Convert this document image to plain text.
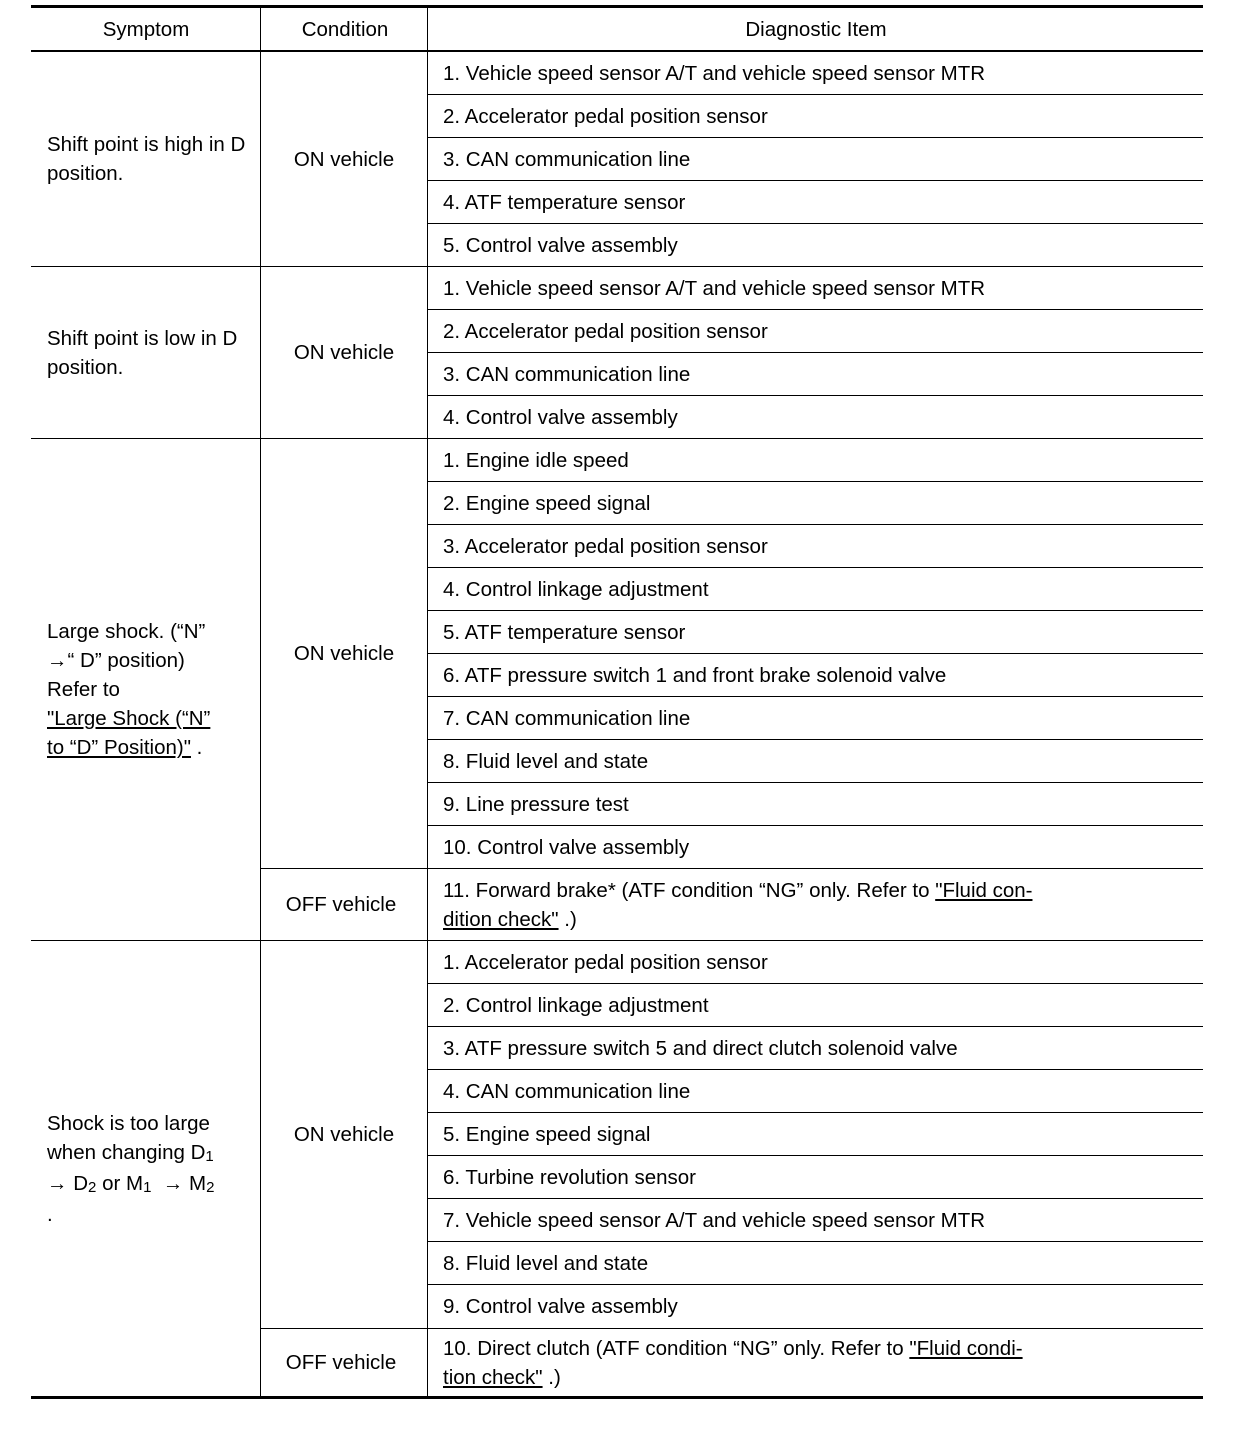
Symptom	Condition	Diagnostic Item
Shift point is high in D position.
ON vehicle
1. Vehicle speed sensor A/T and vehicle speed sensor MTR
2. Accelerator pedal position sensor
3. CAN communication line
4. ATF temperature sensor
5. Control valve assembly
Shift point is low in D position.
ON vehicle
1. Vehicle speed sensor A/T and vehicle speed sensor MTR
2. Accelerator pedal position sensor
3. CAN communication line
4. Control valve assembly
Large shock. (“N”
→“ D” position)
Refer to
"Large Shock (“N”
to “D” Position)" .
ON vehicle
1. Engine idle speed
2. Engine speed signal
3. Accelerator pedal position sensor
4. Control linkage adjustment
5. ATF temperature sensor
6. ATF pressure switch 1 and front brake solenoid valve
7. CAN communication line
8. Fluid level and state
9. Line pressure test
10. Control valve assembly
OFF vehicle
11. Forward brake* (ATF condition “NG” only. Refer to "Fluid con-
dition check" .)
Shock is too large
when changing $D_1$
→ $D_2$ or $M_1 \to M_2$
.
ON vehicle
1. Accelerator pedal position sensor
2. Control linkage adjustment
3. ATF pressure switch 5 and direct clutch solenoid valve
4. CAN communication line
5. Engine speed signal
6. Turbine revolution sensor
7. Vehicle speed sensor A/T and vehicle speed sensor MTR
8. Fluid level and state
9. Control valve assembly
OFF vehicle
10. Direct clutch (ATF condition “NG” only. Refer to "Fluid condi-
tion check" .)
